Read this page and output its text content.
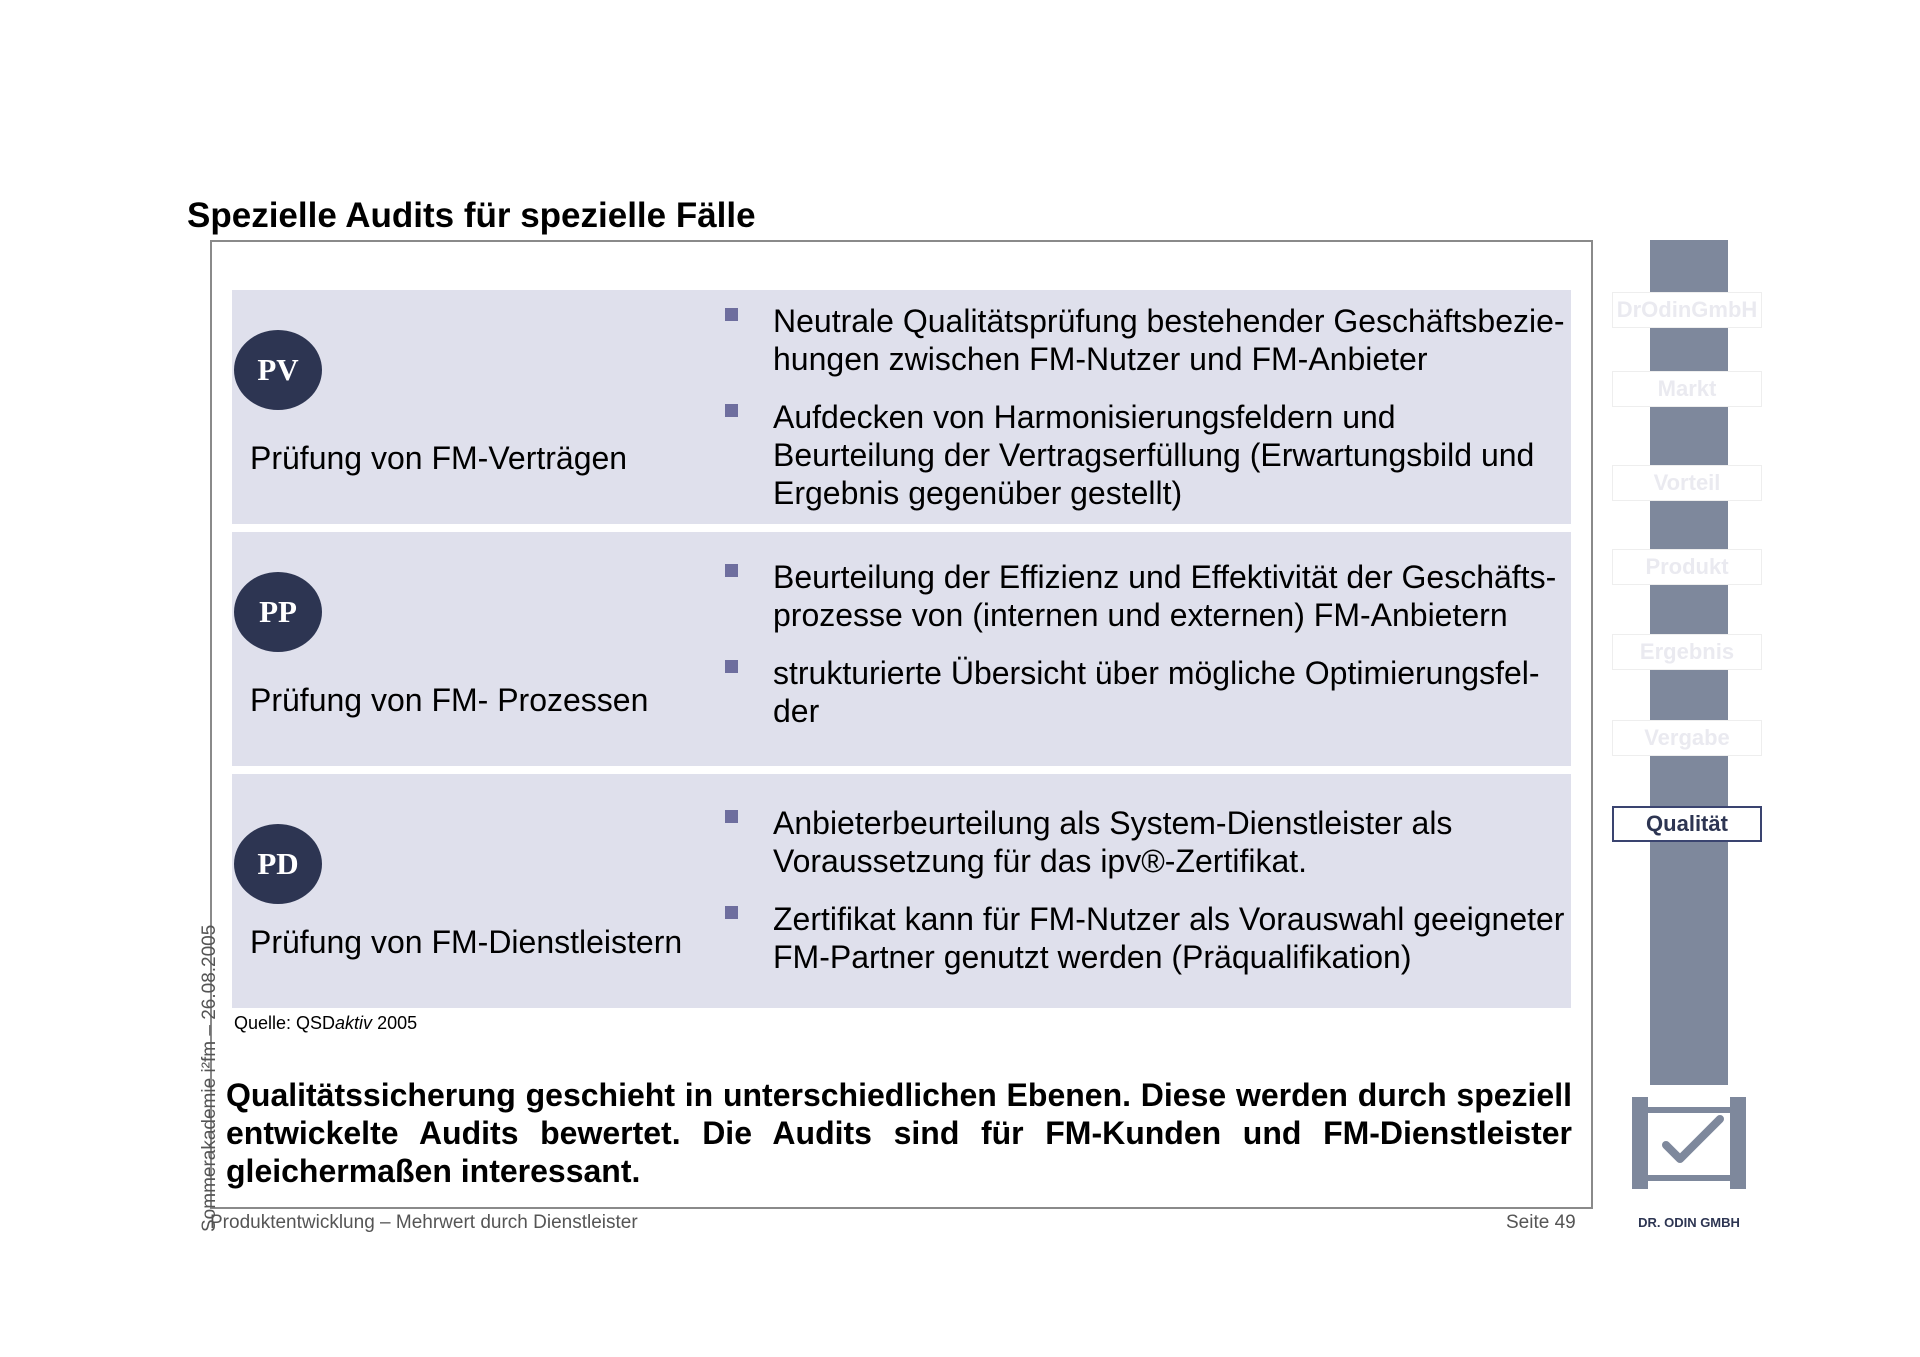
Spezielle Audits für spezielle Fälle
PV
Prüfung von FM-Verträgen
Neutrale Qualitätsprüfung bestehender Geschäftsbezie-hungen zwischen FM-Nutzer und FM-Anbieter
Aufdecken von Harmonisierungsfeldern und Beurteilung der Vertragserfüllung (Erwartungsbild und Ergebnis gegenüber gestellt)
PP
Prüfung von FM- Prozessen
Beurteilung der Effizienz und Effektivität der Geschäfts-prozesse von (internen und externen) FM-Anbietern
strukturierte Übersicht über mögliche Optimierungsfel-der
PD
Prüfung von FM-Dienstleistern
Anbieterbeurteilung als System-Dienstleister als Voraussetzung für das ipv®-Zertifikat.
Zertifikat kann für FM-Nutzer als Vorauswahl geeigneter FM-Partner genutzt werden (Präqualifikation)
Quelle: QSDaktiv 2005

Qualitätssicherung geschieht in unterschiedlichen Ebenen. Diese werden durch speziell entwickelte Audits bewertet. Die Audits sind für FM-Kunden und FM-Dienstleister gleichermaßen interessant.

Produktentwicklung – Mehrwert durch Dienstleister	Seite 49
Sommerakademie i²fm – 26.08.2005
DrOdinGmbH
Markt
Vorteil
Produkt
Ergebnis
Vergabe
Qualität
DR. ODIN GMBH
